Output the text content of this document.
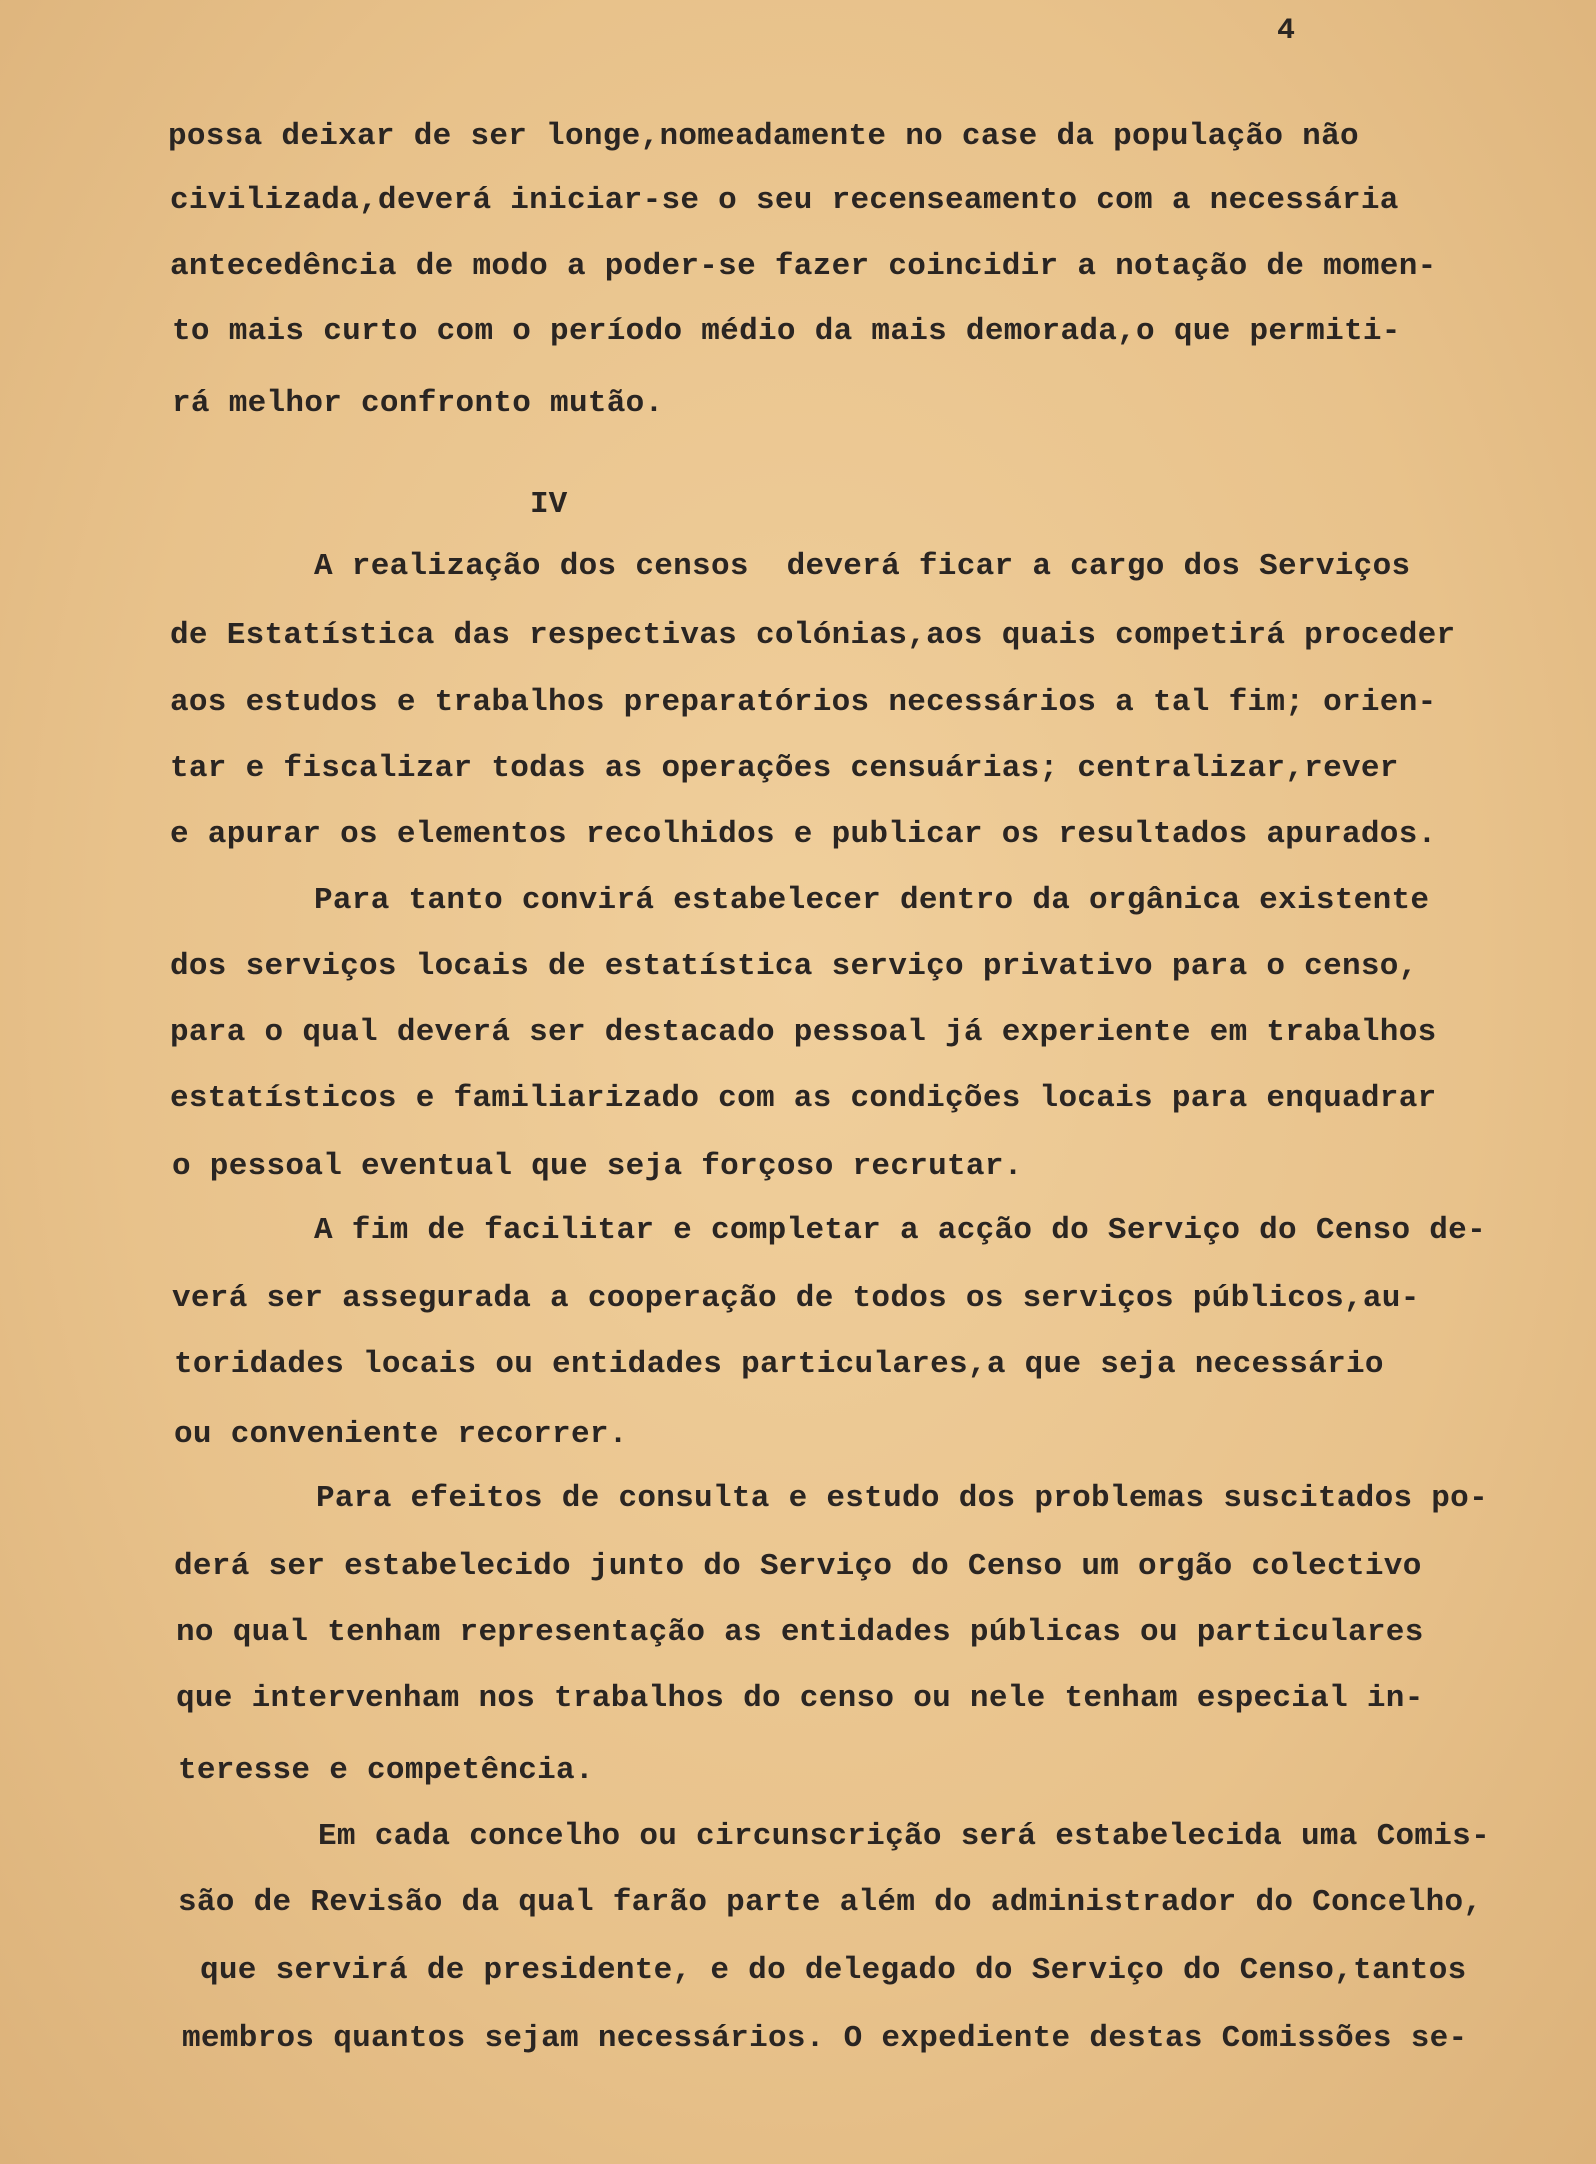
4

possa deixar de ser longe,nomeadamente no case da população não

civilizada,deverá iniciar-se o seu recenseamento com a necessária

antecedência de modo a poder-se fazer coincidir a notação de momen-

to mais curto com o período médio da mais demorada,o que permiti-

rá melhor confronto mutão.

IV

A realização dos censos  deverá ficar a cargo dos Serviços

de Estatística das respectivas colónias,aos quais competirá proceder

aos estudos e trabalhos preparatórios necessários a tal fim; orien-

tar e fiscalizar todas as operações censuárias; centralizar,rever

e apurar os elementos recolhidos e publicar os resultados apurados.

Para tanto convirá estabelecer dentro da orgânica existente

dos serviços locais de estatística serviço privativo para o censo,

para o qual deverá ser destacado pessoal já experiente em trabalhos

estatísticos e familiarizado com as condições locais para enquadrar

o pessoal eventual que seja forçoso recrutar.

A fim de facilitar e completar a acção do Serviço do Censo de-

verá ser assegurada a cooperação de todos os serviços públicos,au-

toridades locais ou entidades particulares,a que seja necessário

ou conveniente recorrer.

Para efeitos de consulta e estudo dos problemas suscitados po-

derá ser estabelecido junto do Serviço do Censo um orgão colectivo

no qual tenham representação as entidades públicas ou particulares

que intervenham nos trabalhos do censo ou nele tenham especial in-

teresse e competência.

Em cada concelho ou circunscrição será estabelecida uma Comis-

são de Revisão da qual farão parte além do administrador do Concelho,

que servirá de presidente, e do delegado do Serviço do Censo,tantos

membros quantos sejam necessários. O expediente destas Comissões se-
